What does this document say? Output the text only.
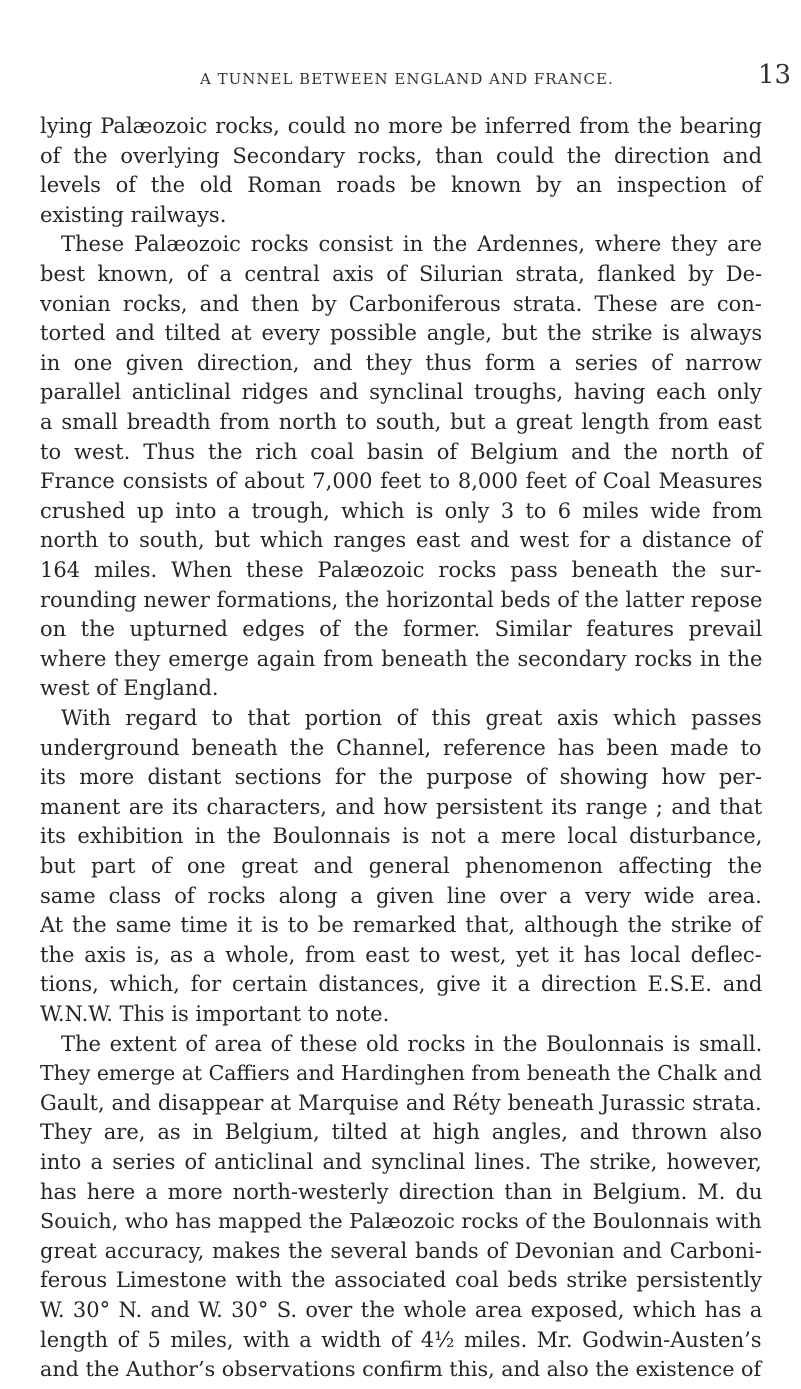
A TUNNEL BETWEEN ENGLAND AND FRANCE.	13
lying Palæozoic rocks, could no more be inferred from the bearing
of the overlying Secondary rocks, than could the direction and
levels of the old Roman roads be known by an inspection of
existing railways.
These Palæozoic rocks consist in the Ardennes, where they are
best known, of a central axis of Silurian strata, flanked by De-
vonian rocks, and then by Carboniferous strata. These are con-
torted and tilted at every possible angle, but the strike is always
in one given direction, and they thus form a series of narrow
parallel anticlinal ridges and synclinal troughs, having each only
a small breadth from north to south, but a great length from east
to west. Thus the rich coal basin of Belgium and the north of
France consists of about 7,000 feet to 8,000 feet of Coal Measures
crushed up into a trough, which is only 3 to 6 miles wide from
north to south, but which ranges east and west for a distance of
164 miles. When these Palæozoic rocks pass beneath the sur-
rounding newer formations, the horizontal beds of the latter repose
on the upturned edges of the former. Similar features prevail
where they emerge again from beneath the secondary rocks in the
west of England.
With regard to that portion of this great axis which passes
underground beneath the Channel, reference has been made to
its more distant sections for the purpose of showing how per-
manent are its characters, and how persistent its range ; and that
its exhibition in the Boulonnais is not a mere local disturbance,
but part of one great and general phenomenon affecting the
same class of rocks along a given line over a very wide area.
At the same time it is to be remarked that, although the strike of
the axis is, as a whole, from east to west, yet it has local deflec-
tions, which, for certain distances, give it a direction E.S.E. and
W.N.W. This is important to note.
The extent of area of these old rocks in the Boulonnais is small.
They emerge at Caffiers and Hardinghen from beneath the Chalk and
Gault, and disappear at Marquise and Réty beneath Jurassic strata.
They are, as in Belgium, tilted at high angles, and thrown also
into a series of anticlinal and synclinal lines. The strike, however,
has here a more north-westerly direction than in Belgium. M. du
Souich, who has mapped the Palæozoic rocks of the Boulonnais with
great accuracy, makes the several bands of Devonian and Carboni-
ferous Limestone with the associated coal beds strike persistently
W. 30° N. and W. 30° S. over the whole area exposed, which has a
length of 5 miles, with a width of 4½ miles. Mr. Godwin-Austen’s
and the Author’s observations confirm this, and also the existence of
